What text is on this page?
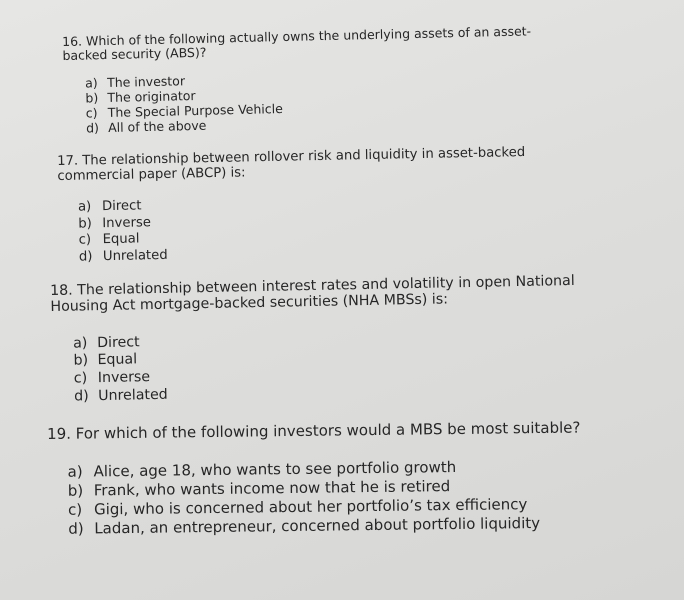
16. Which of the following actually owns the underlying assets of an asset-backed security (ABS)?
a) The investor
b) The originator
c) The Special Purpose Vehicle
d) All of the above
17. The relationship between rollover risk and liquidity in asset-backed commercial paper (ABCP) is:
a) Direct
b) Inverse
c) Equal
d) Unrelated
18. The relationship between interest rates and volatility in open National Housing Act mortgage-backed securities (NHA MBSs) is:
a) Direct
b) Equal
c) Inverse
d) Unrelated
19. For which of the following investors would a MBS be most suitable?
a) Alice, age 18, who wants to see portfolio growth
b) Frank, who wants income now that he is retired
c) Gigi, who is concerned about her portfolio’s tax efficiency
d) Ladan, an entrepreneur, concerned about portfolio liquidity
